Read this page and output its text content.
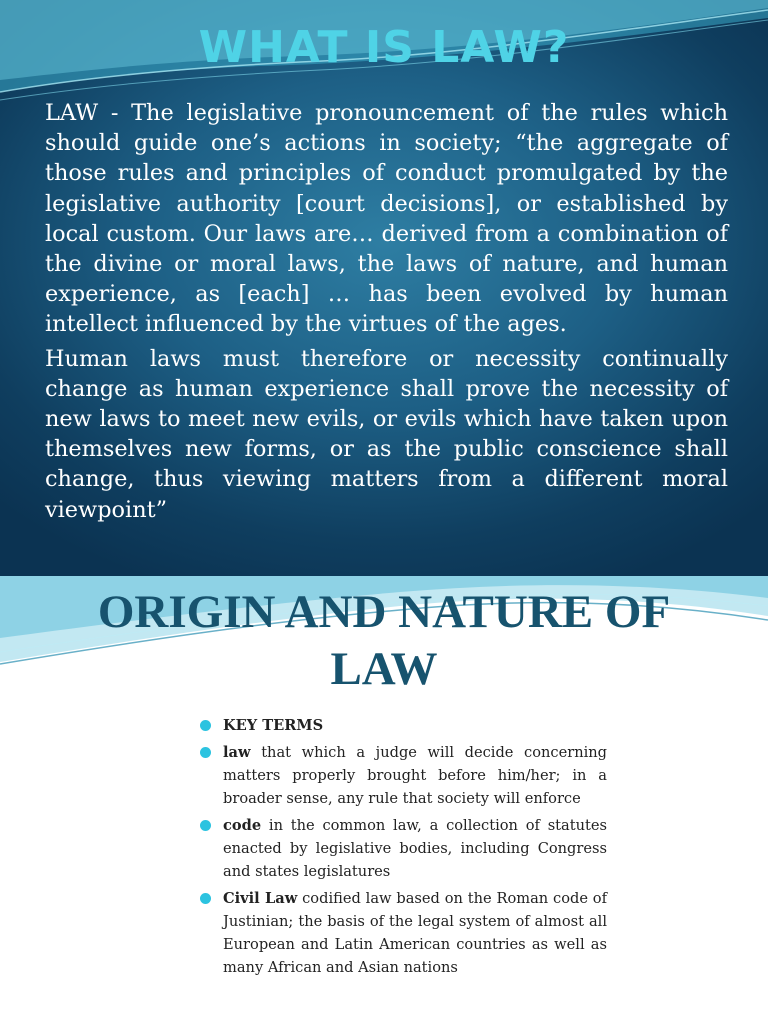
WHAT IS LAW?

LAW - The legislative pronouncement of the rules which should guide one’s actions in society; “the aggregate of those rules and principles of conduct promulgated by the legislative authority [court decisions], or established by local custom. Our laws are… derived from a combination of the divine or moral laws, the laws of nature, and human experience, as [each] … has been evolved by human intellect influenced by the virtues of the ages.

Human laws must therefore or necessity continually change as human experience shall prove the necessity of new laws to meet new evils, or evils which have taken upon themselves new forms, or as the public conscience shall change, thus viewing matters from a different moral viewpoint”

ORIGIN AND NATURE OF LAW
KEY TERMS
law that which a judge will decide concerning matters properly brought before him/her; in a broader sense, any rule that society will enforce
code in the common law, a collection of statutes enacted by legislative bodies, including Congress and states legislatures
Civil Law codified law based on the Roman code of Justinian; the basis of the legal system of almost all European and Latin American countries as well as many African and Asian nations
